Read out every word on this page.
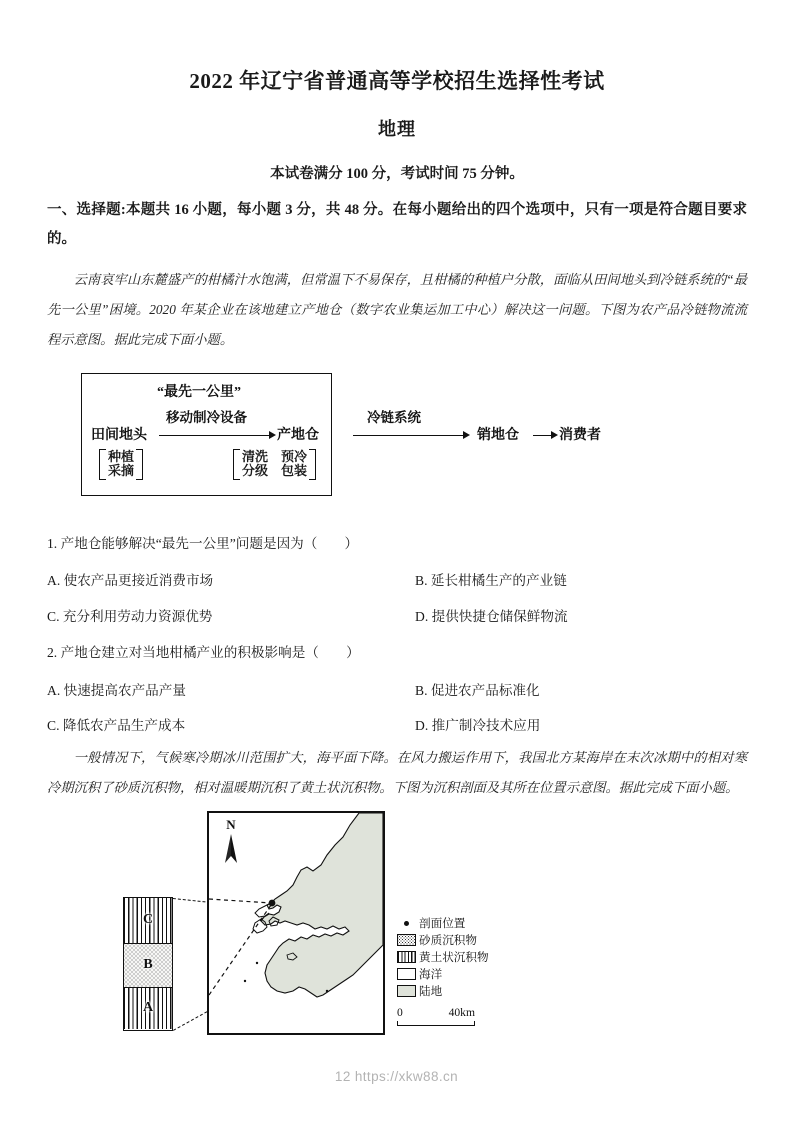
2022 年辽宁省普通高等学校招生选择性考试
地理
本试卷满分 100 分，考试时间 75 分钟。
一、选择题:本题共 16 小题，每小题 3 分，共 48 分。在每小题给出的四个选项中，只有一项是符合题目要求的。
云南哀牢山东麓盛产的柑橘汁水饱满，但常温下不易保存，且柑橘的种植户分散，面临从田间地头到冷链系统的“最先一公里”困境。2020 年某企业在该地建立产地仓（数字农业集运加工中心）解决这一问题。下图为农产品冷链物流流程示意图。据此完成下面小题。
“最先一公里”
田间地头
种植
采摘
移动制冷设备
产地仓
清洗　预冷
分级　包装
冷链系统
销地仓	消费者
1. 产地仓能够解决“最先一公里”问题是因为（　　）
A. 使农产品更接近消费市场	B. 延长柑橘生产的产业链
C. 充分利用劳动力资源优势	D. 提供快捷仓储保鲜物流
2. 产地仓建立对当地柑橘产业的积极影响是（　　）
A. 快速提高农产品产量	B. 促进农产品标准化
C. 降低农产品生产成本	D. 推广制冷技术应用
一般情况下，气候寒冷期冰川范围扩大，海平面下降。在风力搬运作用下，我国北方某海岸在末次冰期中的相对寒冷期沉积了砂质沉积物，相对温暖期沉积了黄土状沉积物。下图为沉积剖面及其所在位置示意图。据此完成下面小题。
C
B
A
N
剖面位置
砂质沉积物
黄土状沉积物
海洋
陆地
0	40km
12 https://xkw88.cn
